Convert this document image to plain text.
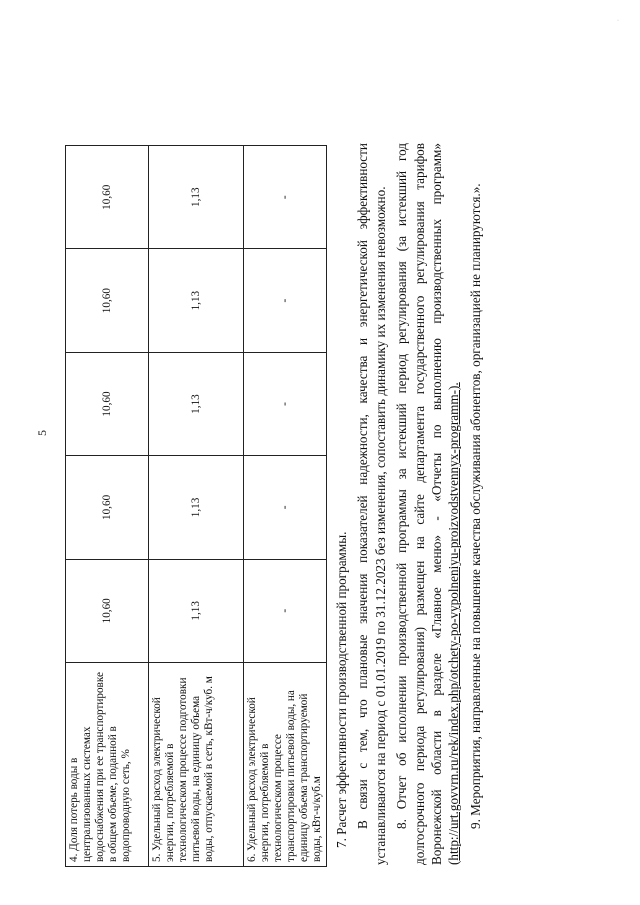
5
·
4. Доля потерь воды в централизованных системах водоснабжения при ее транспортировке в общем объеме, поданной в водопроводную сеть, %	10,60	10,60	10,60	10,60	10,60
5. Удельный расход электрической энергии, потребляемой в технологическом процессе подготовки питьевой воды, на единицу объема воды, отпускаемой в сеть, кВт-ч/куб. м	1,13	1,13	1,13	1,13	1,13
6. Удельный расход электрической энергии, потребляемой в технологическом процессе транспортировки питьевой воды, на единицу объема транспортируемой воды, кВт-ч/куб.м	-	-	-	-	-

7. Расчет эффективности производственной программы. В связи с тем, что плановые значения показателей надежности, качества и энергетической эффективности устанавливаются на период с 01.01.2019 по 31.12.2023 без изменения, сопоставить динамику их изменения невозможно. 8. Отчет об исполнении производственной программы за истекший период регулирования (за истекший год долгосрочного периода регулирования) размещен на сайте департамента государственного регулирования тарифов Воронежской области в разделе «Главное меню» - «Отчеты по выполнению производственных программ» (http://urt.govvrn.ru/rek/index.php/otchety-po-vypolneniyu-proizvodstvennyx-programm-). 9. Мероприятия, направленные на повышение качества обслуживания абонентов, организацией не планируются.».
